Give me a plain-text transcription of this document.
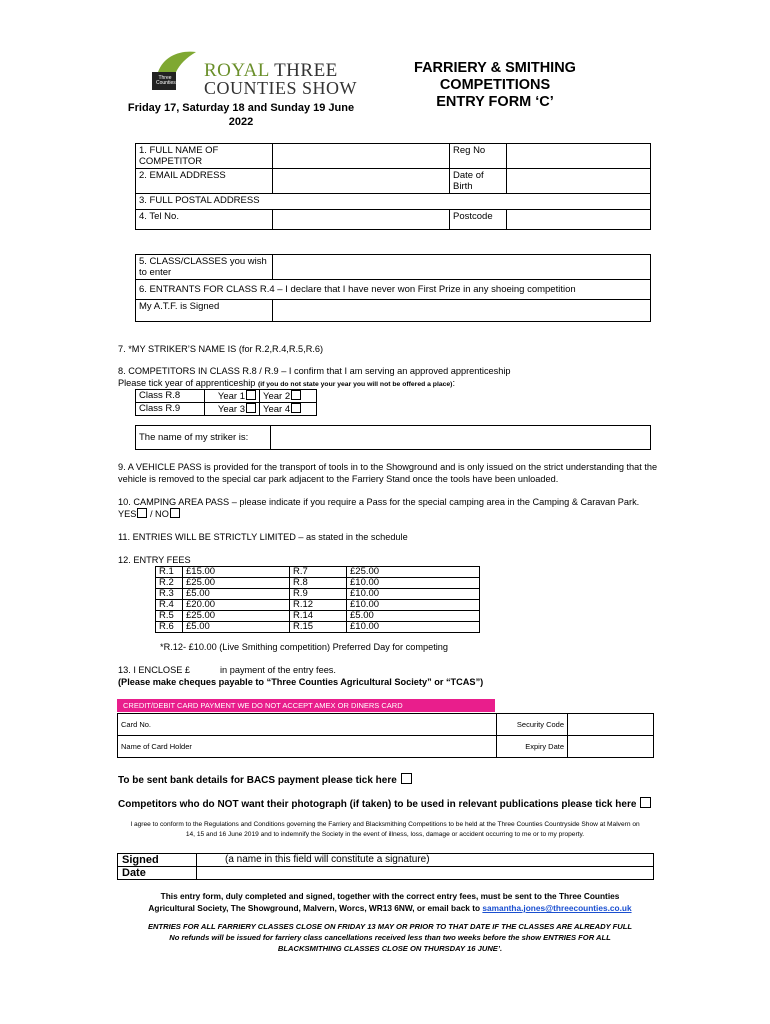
Three Counties
ROYAL THREE
COUNTIES SHOW
Friday 17, Saturday 18 and Sunday 19 June 2022
FARRIERY & SMITHING
COMPETITIONS
ENTRY FORM ‘C’
1. FULL NAME OF COMPETITOR		Reg No	
2. EMAIL ADDRESS		Date of Birth	
3. FULL POSTAL ADDRESS			
4. Tel No.		Postcode	
5. CLASS/CLASSES you wish to enter	
6. ENTRANTS FOR CLASS R.4 – I declare that I have never won First Prize in any shoeing competition	
My A.T.F. is Signed	
7. *MY STRIKER’S NAME IS (for R.2,R.4,R.5,R.6)
8. COMPETITORS IN CLASS R.8 / R.9 – I confirm that I am serving an approved apprenticeship
Please tick year of apprenticeship (if you do not state your year you will not be offered a place):
Class R.8	Year 1	Year 2
Class R.9	Year 3	Year 4
The name of my striker is:	
9. A VEHICLE PASS is provided for the transport of tools in to the Showground and is only issued on the strict understanding that the vehicle is removed to the special car park adjacent to the Farriery Stand once the tools have been unloaded.
10. CAMPING AREA PASS – please indicate if you require a Pass for the special camping area in the Camping & Caravan Park.
YES / NO
11. ENTRIES WILL BE STRICTLY LIMITED – as stated in the schedule
12. ENTRY FEES
R.1	£15.00	R.7	£25.00
R.2	£25.00	R.8	£10.00
R.3	£5.00	R.9	£10.00
R.4	£20.00	R.12	£10.00
R.5	£25.00	R.14	£5.00
R.6	£5.00	R.15	£10.00
*R.12- £10.00 (Live Smithing competition) Preferred Day for competing
13. I ENCLOSE £	in payment of the entry fees.
(Please make cheques payable to “Three Counties Agricultural Society” or “TCAS”)
CREDIT/DEBIT CARD PAYMENT WE DO NOT ACCEPT AMEX OR DINERS CARD
Card No.	Security Code	
Name of Card Holder	Expiry Date	
To be sent bank details for BACS payment please tick here
Competitors who do NOT want their photograph (if taken) to be used in relevant publications please tick here
I agree to conform to the Regulations and Conditions governing the Farriery and Blacksmithing Competitions to be held at the Three Counties Countryside Show at Malvern on 14, 15 and 16 June 2019 and to indemnify the Society in the event of illness, loss, damage or accident occurring to me or to my property.
Signed	(a name in this field will constitute a signature)
Date	
This entry form, duly completed and signed, together with the correct entry fees, must be sent to the Three Counties
Agricultural Society, The Showground, Malvern, Worcs, WR13 6NW, or email back to samantha.jones@threecounties.co.uk
ENTRIES FOR ALL FARRIERY CLASSES CLOSE ON FRIDAY 13 MAY OR PRIOR TO THAT DATE IF THE CLASSES ARE ALREADY FULL
No refunds will be issued for farriery class cancellations received less than two weeks before the show ENTRIES FOR ALL
BLACKSMITHING CLASSES CLOSE ON THURSDAY 16 JUNE’.
